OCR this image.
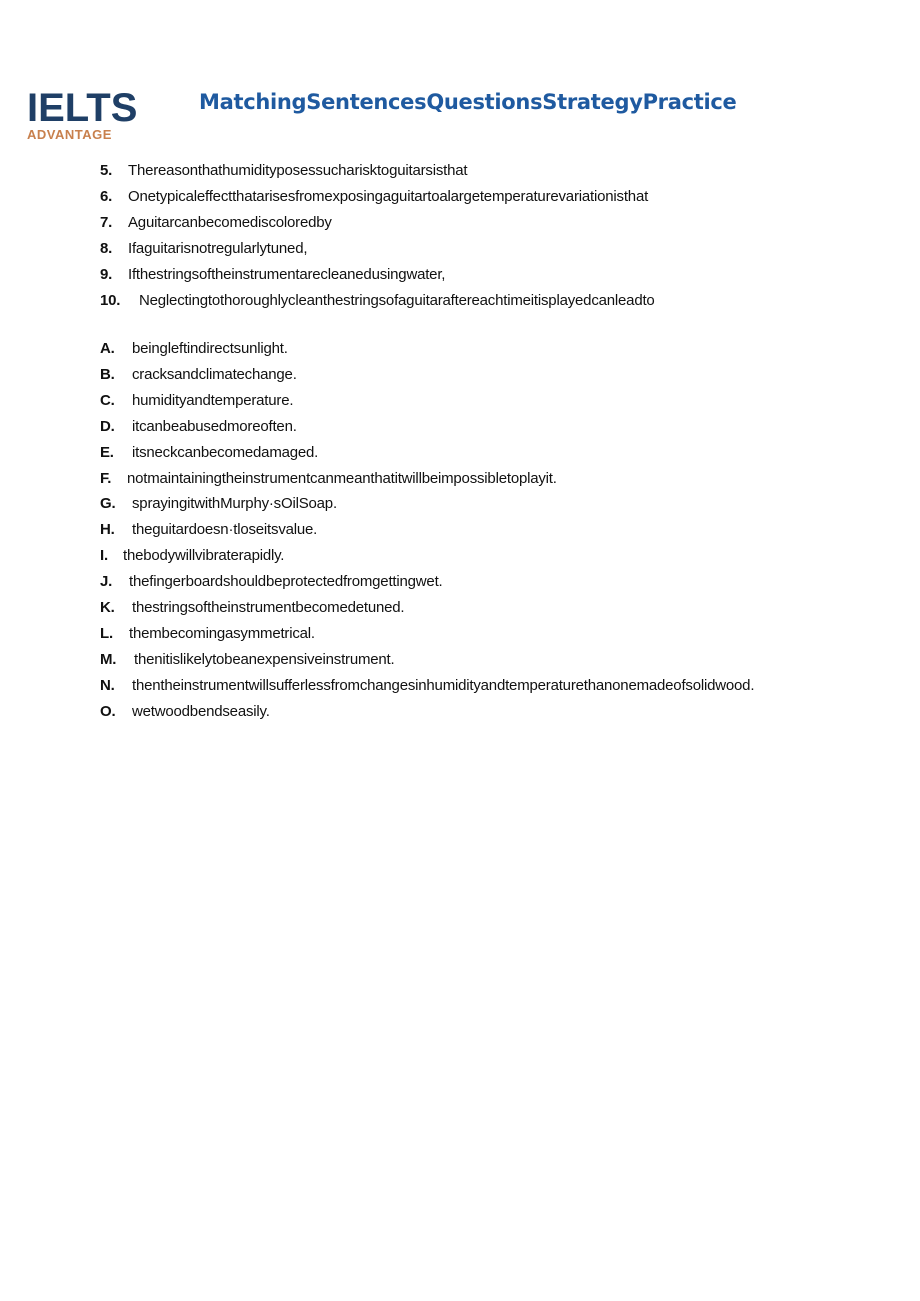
IELTS
ADVANTAGE
MatchingSentencesQuestionsStrategyPractice
5. Thereasonthathumidityposessucharisktoguitarsisthat
6. Onetypicaleffectthatarisesfromexposingaguitartoalargetemperaturevariationisthat
7. Aguitarcanbecomediscoloredby
8. Ifaguitarisnotregularlytuned,
9. Ifthestringsoftheinstrumentarecleanedusingwater,
10. Neglectingtothoroughlycleanthestringsofaguitaraftereachtimeitisplayedcanleadto
A. beingleftindirectsunlight.
B. cracksandclimatechange.
C. humidityandtemperature.
D. itcanbeabusedmoreoften.
E. itsneckcanbecomedamaged.
F. notmaintainingtheinstrumentcanmeanthatitwillbeimpossibletoplayit.
G. sprayingitwithMurphy·sOilSoap.
H. theguitardoesn·tloseitsvalue.
I. thebodywillvibraterapidly.
J. thefingerboardshouldbeprotectedfromgettingwet.
K. thestringsoftheinstrumentbecomedetuned.
L. thembecomingasymmetrical.
M. thenitislikelytobeanexpensiveinstrument.
N. thentheinstrumentwillsufferlessfromchangesinhumidityandtemperaturethanonemadeofsolidwood.
O. wetwoodbendseasily.
